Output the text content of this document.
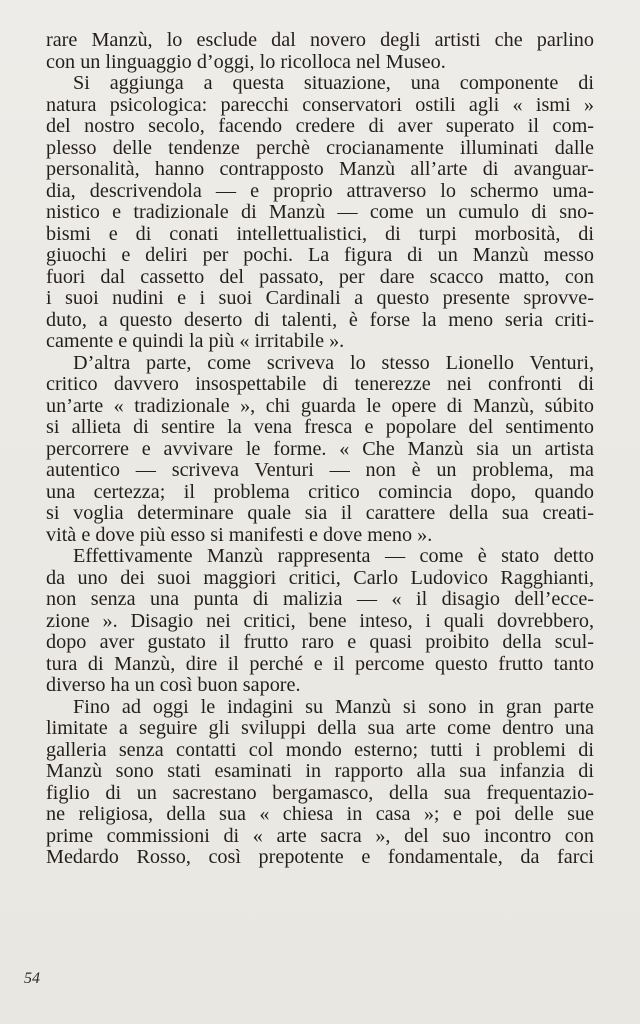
rare Manzù, lo esclude dal novero degli artisti che parlino
con un linguaggio d’oggi, lo ricolloca nel Museo.
Si aggiunga a questa situazione, una componente di
natura psicologica: parecchi conservatori ostili agli « ismi »
del nostro secolo, facendo credere di aver superato il com-
plesso delle tendenze perchè crocianamente illuminati dalle
personalità, hanno contrapposto Manzù all’arte di avanguar-
dia, descrivendola — e proprio attraverso lo schermo uma-
nistico e tradizionale di Manzù — come un cumulo di sno-
bismi e di conati intellettualistici, di turpi morbosità, di
giuochi e deliri per pochi. La figura di un Manzù messo
fuori dal cassetto del passato, per dare scacco matto, con
i suoi nudini e i suoi Cardinali a questo presente sprovve-
duto, a questo deserto di talenti, è forse la meno seria criti-
camente e quindi la più « irritabile ».
D’altra parte, come scriveva lo stesso Lionello Venturi,
critico davvero insospettabile di tenerezze nei confronti di
un’arte « tradizionale », chi guarda le opere di Manzù, súbito
si allieta di sentire la vena fresca e popolare del sentimento
percorrere e avvivare le forme. « Che Manzù sia un artista
autentico — scriveva Venturi — non è un problema, ma
una certezza; il problema critico comincia dopo, quando
si voglia determinare quale sia il carattere della sua creati-
vità e dove più esso si manifesti e dove meno ».
Effettivamente Manzù rappresenta — come è stato detto
da uno dei suoi maggiori critici, Carlo Ludovico Ragghianti,
non senza una punta di malizia — « il disagio dell’ecce-
zione ». Disagio nei critici, bene inteso, i quali dovrebbero,
dopo aver gustato il frutto raro e quasi proibito della scul-
tura di Manzù, dire il perché e il percome questo frutto tanto
diverso ha un così buon sapore.
Fino ad oggi le indagini su Manzù si sono in gran parte
limitate a seguire gli sviluppi della sua arte come dentro una
galleria senza contatti col mondo esterno; tutti i problemi di
Manzù sono stati esaminati in rapporto alla sua infanzia di
figlio di un sacrestano bergamasco, della sua frequentazio-
ne religiosa, della sua « chiesa in casa »; e poi delle sue
prime commissioni di « arte sacra », del suo incontro con
Medardo Rosso, così prepotente e fondamentale, da farci
54
